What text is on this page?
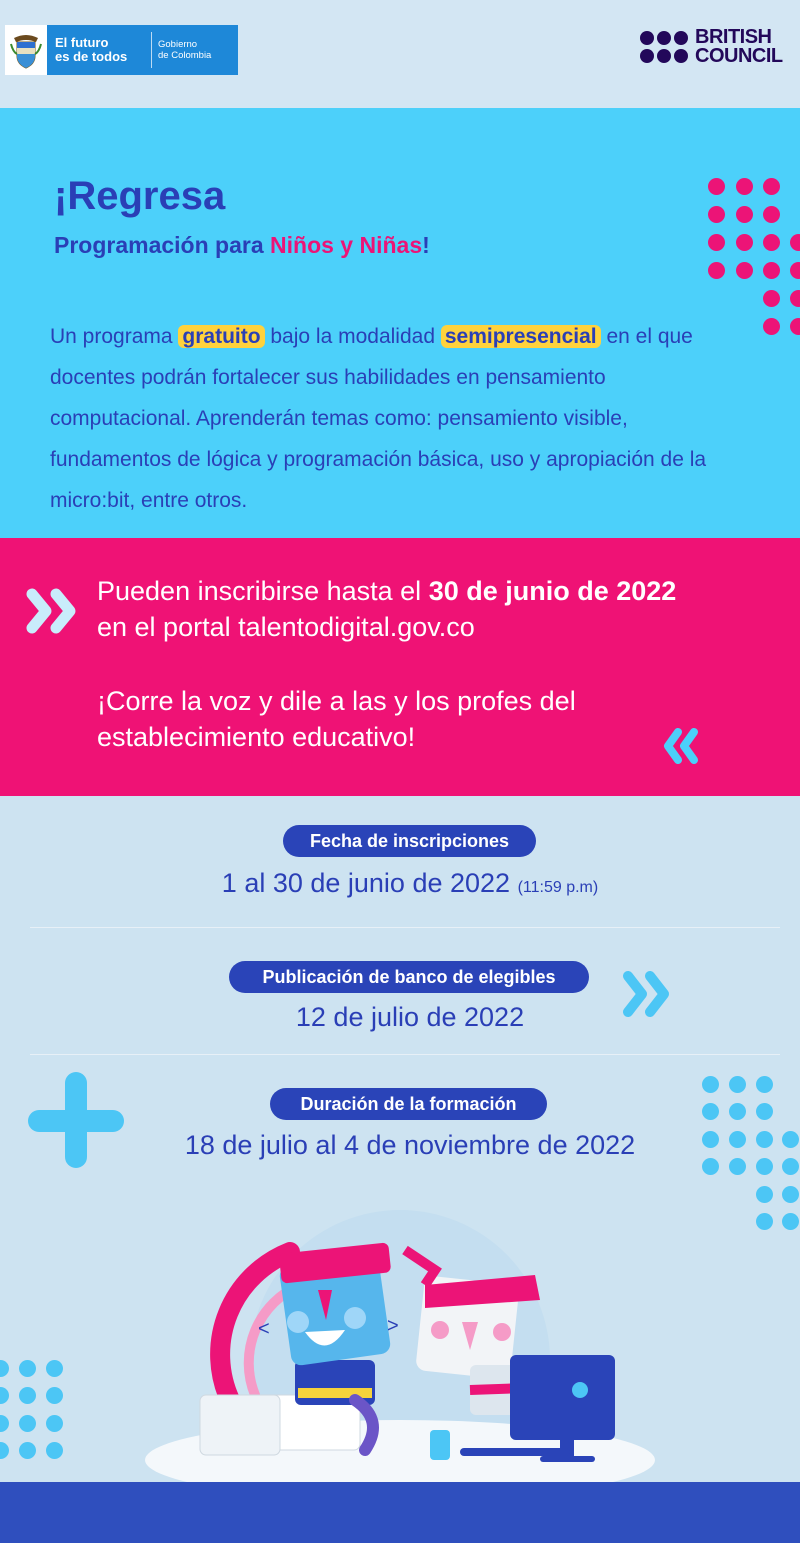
El futuro
es de todos
Gobierno
de Colombia
BRITISH
COUNCIL
¡Regresa
Programación para Niños y Niñas!
Un programa gratuito bajo la modalidad semipresencial en el que docentes podrán fortalecer sus habilidades en pensamiento computacional. Aprenderán temas como: pensamiento visible, fundamentos de lógica y programación básica, uso y apropiación de la micro:bit, entre otros.
Pueden inscribirse hasta el 30 de junio de 2022
en el portal talentodigital.gov.co
¡Corre la voz y dile a las y los profes del
establecimiento educativo!
Fecha de inscripciones
1 al 30 de junio de 2022 (11:59 p.m)
Publicación de banco de elegibles
12 de julio de 2022
Duración de la formación
18 de julio al 4 de noviembre de 2022
<	>
